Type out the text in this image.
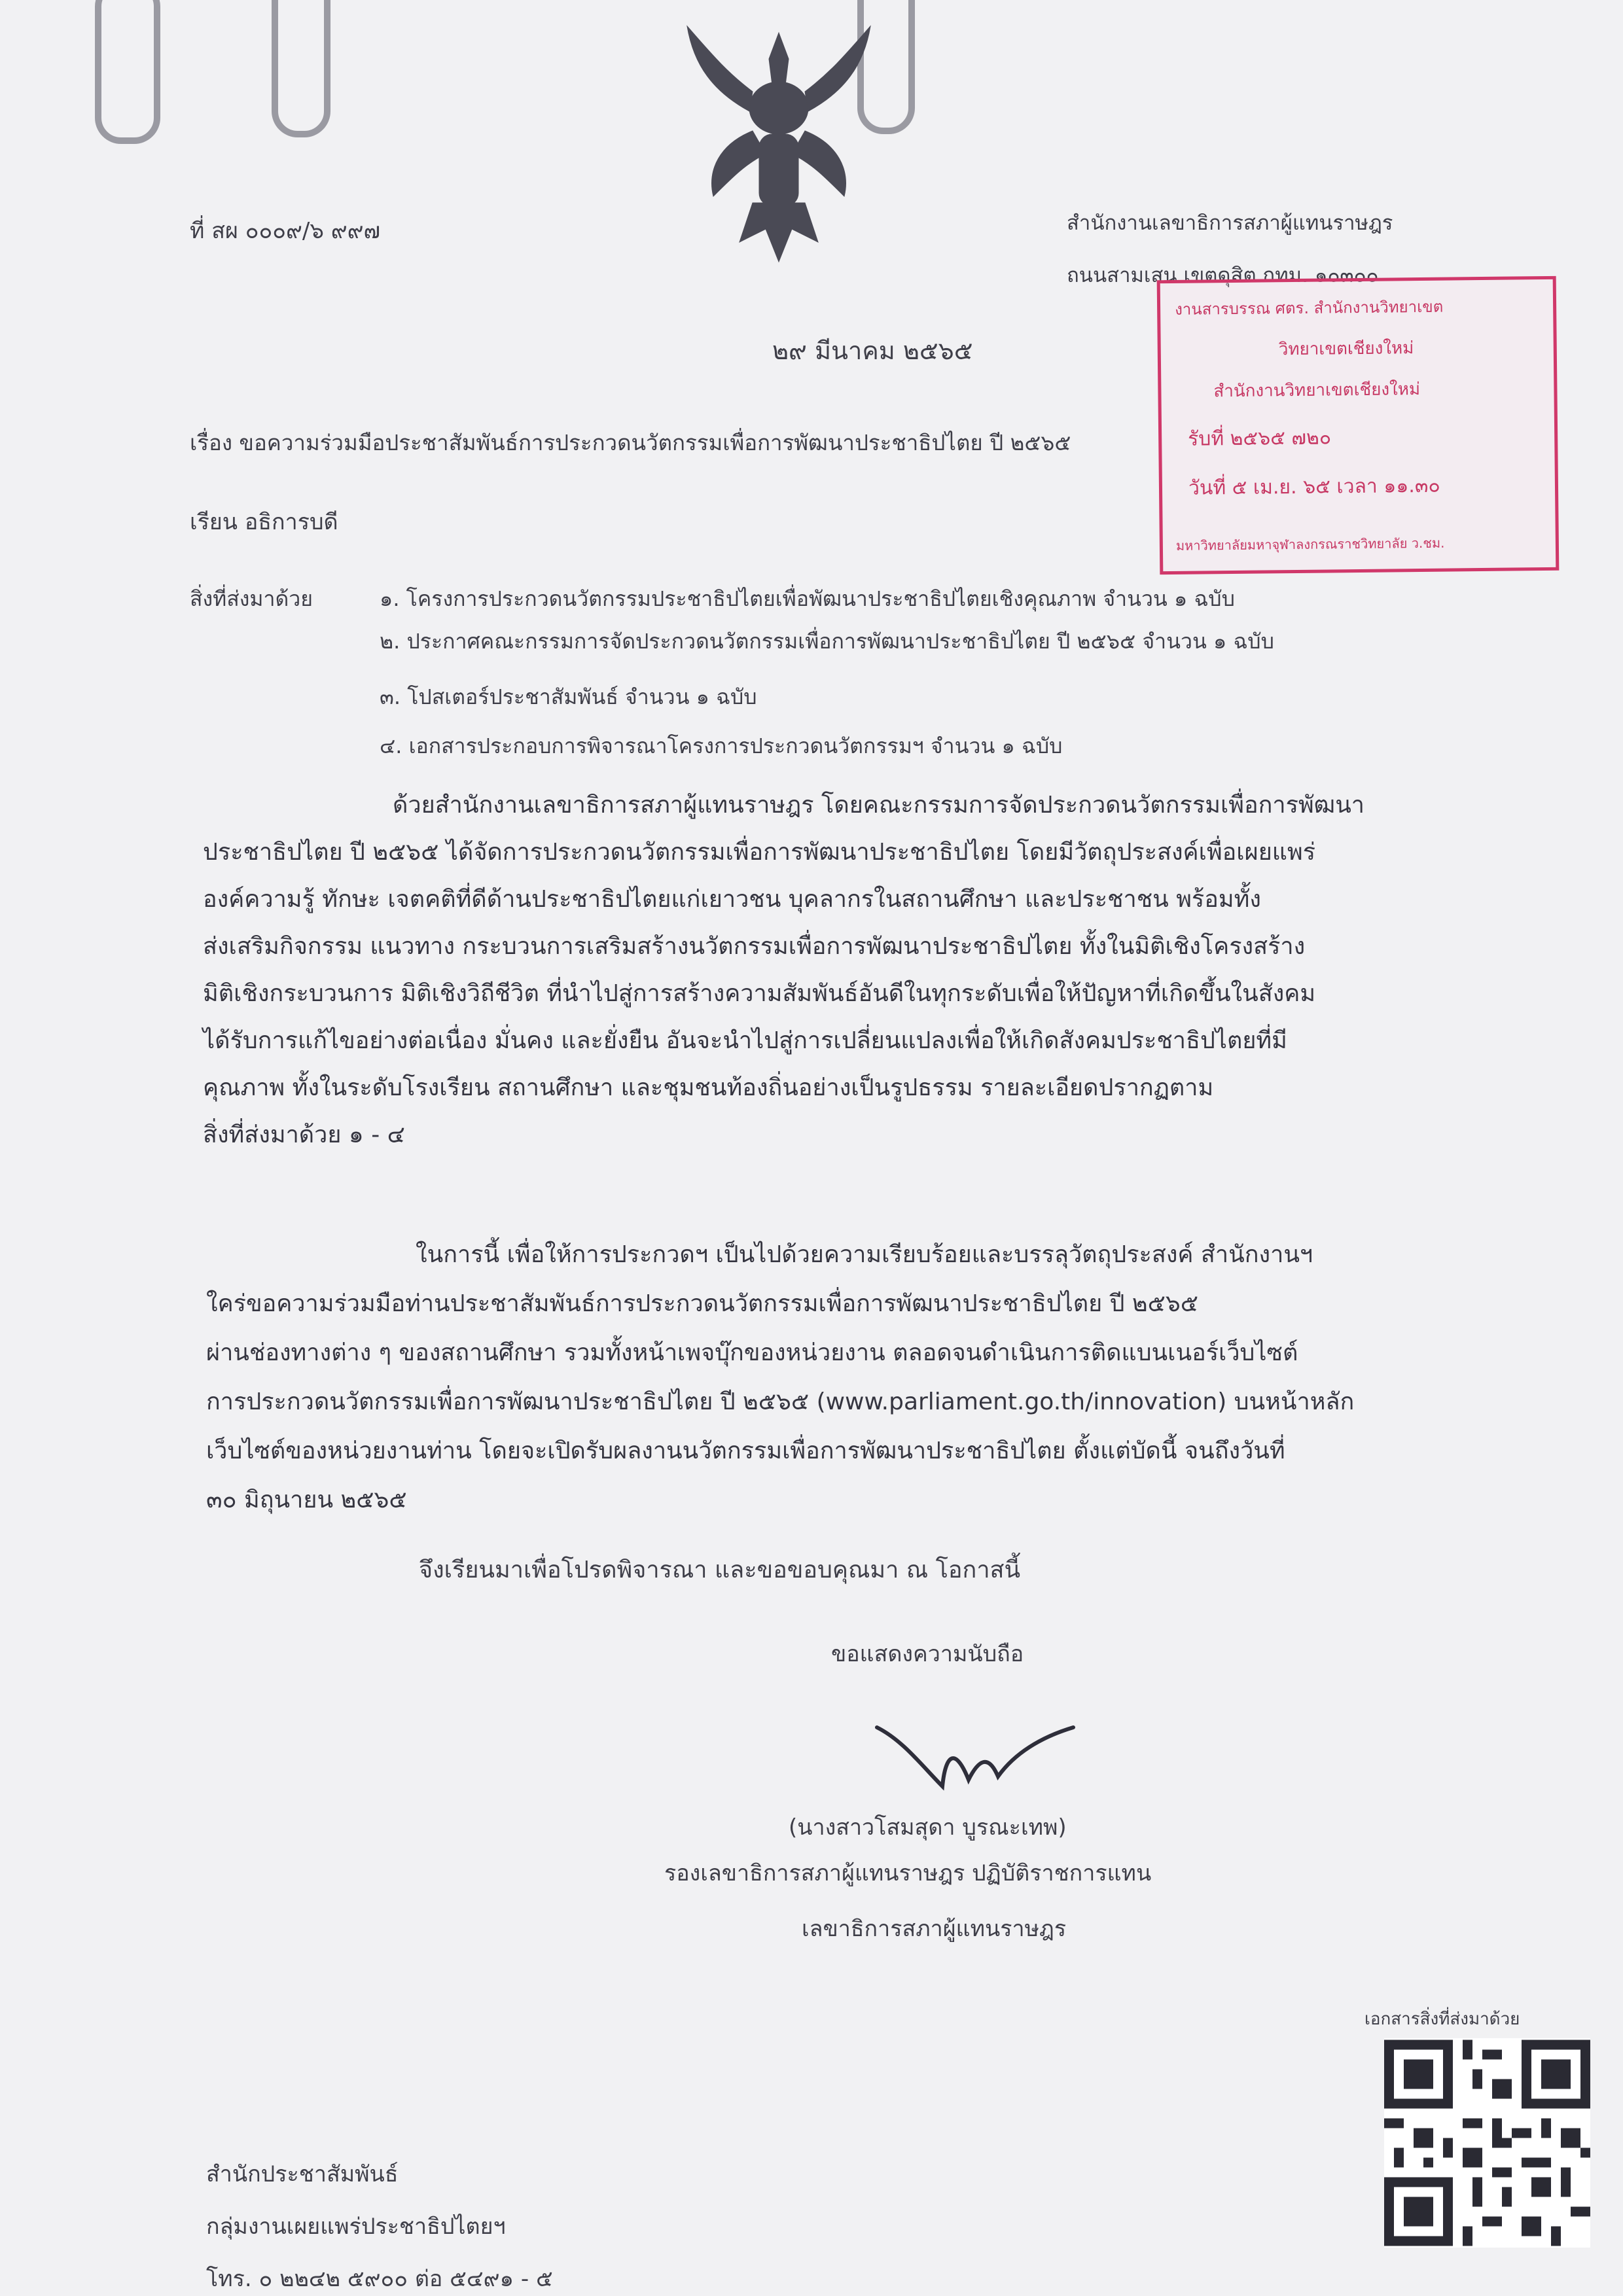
ที่ สผ ๐๐๐๙/๖ ๙๙๗	สำนักงานเลขาธิการสภาผู้แทนราษฎร
ถนนสามเสน เขตดุสิต กทม. ๑๐๓๐๐
๒๙ มีนาคม ๒๕๖๕
งานสารบรรณ ศตร. สำนักงานวิทยาเขต
วิทยาเขตเชียงใหม่
สำนักงานวิทยาเขตเชียงใหม่
รับที่ ๒๕๖๕ ๗๒๐
วันที่ ๕ เม.ย. ๖๕ เวลา ๑๑.๓๐
มหาวิทยาลัยมหาจุฬาลงกรณราชวิทยาลัย ว.ชม.
เรื่อง ขอความร่วมมือประชาสัมพันธ์การประกวดนวัตกรรมเพื่อการพัฒนาประชาธิปไตย ปี ๒๕๖๕
เรียน อธิการบดี
สิ่งที่ส่งมาด้วย	๑. โครงการประกวดนวัตกรรมประชาธิปไตยเพื่อพัฒนาประชาธิปไตยเชิงคุณภาพ จำนวน ๑ ฉบับ
๒. ประกาศคณะกรรมการจัดประกวดนวัตกรรมเพื่อการพัฒนาประชาธิปไตย ปี ๒๕๖๕ จำนวน ๑ ฉบับ
๓. โปสเตอร์ประชาสัมพันธ์ จำนวน ๑ ฉบับ
๔. เอกสารประกอบการพิจารณาโครงการประกวดนวัตกรรมฯ จำนวน ๑ ฉบับ

ด้วยสำนักงานเลขาธิการสภาผู้แทนราษฎร โดยคณะกรรมการจัดประกวดนวัตกรรมเพื่อการพัฒนา

ประชาธิปไตย ปี ๒๕๖๕ ได้จัดการประกวดนวัตกรรมเพื่อการพัฒนาประชาธิปไตย โดยมีวัตถุประสงค์เพื่อเผยแพร่

องค์ความรู้ ทักษะ เจตคติที่ดีด้านประชาธิปไตยแก่เยาวชน บุคลากรในสถานศึกษา และประชาชน พร้อมทั้ง

ส่งเสริมกิจกรรม แนวทาง กระบวนการเสริมสร้างนวัตกรรมเพื่อการพัฒนาประชาธิปไตย ทั้งในมิติเชิงโครงสร้าง

มิติเชิงกระบวนการ มิติเชิงวิถีชีวิต ที่นำไปสู่การสร้างความสัมพันธ์อันดีในทุกระดับเพื่อให้ปัญหาที่เกิดขึ้นในสังคม

ได้รับการแก้ไขอย่างต่อเนื่อง มั่นคง และยั่งยืน อันจะนำไปสู่การเปลี่ยนแปลงเพื่อให้เกิดสังคมประชาธิปไตยที่มี

คุณภาพ ทั้งในระดับโรงเรียน สถานศึกษา และชุมชนท้องถิ่นอย่างเป็นรูปธรรม รายละเอียดปรากฏตาม

สิ่งที่ส่งมาด้วย ๑ - ๔

ในการนี้ เพื่อให้การประกวดฯ เป็นไปด้วยความเรียบร้อยและบรรลุวัตถุประสงค์ สำนักงานฯ

ใคร่ขอความร่วมมือท่านประชาสัมพันธ์การประกวดนวัตกรรมเพื่อการพัฒนาประชาธิปไตย ปี ๒๕๖๕

ผ่านช่องทางต่าง ๆ ของสถานศึกษา รวมทั้งหน้าเพจบุ๊กของหน่วยงาน ตลอดจนดำเนินการติดแบนเนอร์เว็บไซต์

การประกวดนวัตกรรมเพื่อการพัฒนาประชาธิปไตย ปี ๒๕๖๕ (www.parliament.go.th/innovation) บนหน้าหลัก

เว็บไซต์ของหน่วยงานท่าน โดยจะเปิดรับผลงานนวัตกรรมเพื่อการพัฒนาประชาธิปไตย ตั้งแต่บัดนี้ จนถึงวันที่

๓๐ มิถุนายน ๒๕๖๕

จึงเรียนมาเพื่อโปรดพิจารณา และขอขอบคุณมา ณ โอกาสนี้
ขอแสดงความนับถือ
(นางสาวโสมสุดา บูรณะเทพ)
รองเลขาธิการสภาผู้แทนราษฎร ปฏิบัติราชการแทน
เลขาธิการสภาผู้แทนราษฎร
เอกสารสิ่งที่ส่งมาด้วย
สำนักประชาสัมพันธ์
กลุ่มงานเผยแพร่ประชาธิปไตยฯ
โทร. ๐ ๒๒๔๒ ๕๙๐๐ ต่อ ๕๔๙๑ - ๕
